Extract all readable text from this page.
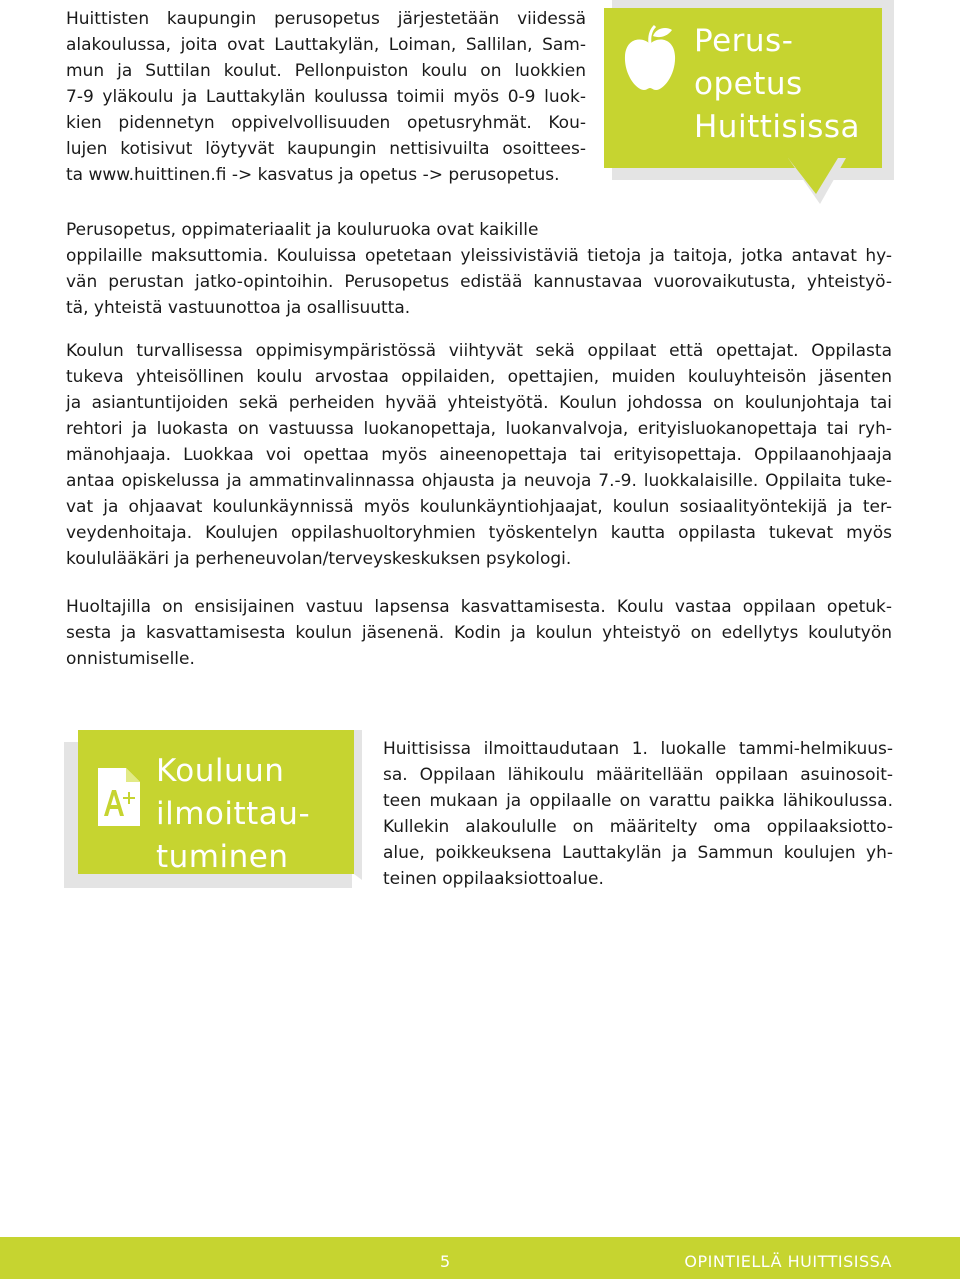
Huittisten kaupungin perusopetus järjestetään viidessä
alakoulussa, joita ovat Lauttakylän, Loiman, Sallilan, Sam-
mun ja Suttilan koulut. Pellonpuiston koulu on luokkien
7-9 yläkoulu ja Lauttakylän koulussa toimii myös 0-9 luok-
kien pidennetyn oppivelvollisuuden opetusryhmät. Kou-
lujen kotisivut löytyvät kaupungin nettisivuilta osoittees-
ta www.huittinen.fi -> kasvatus ja opetus -> perusopetus.
Perus-
opetus
Huittisissa
Perusopetus, oppimateriaalit ja kouluruoka ovat kaikille
oppilaille maksuttomia. Kouluissa opetetaan yleissivistäviä tietoja ja taitoja, jotka antavat hy-
vän perustan jatko-opintoihin. Perusopetus edistää kannustavaa vuorovaikutusta, yhteistyö-
tä, yhteistä vastuunottoa ja osallisuutta.
Koulun turvallisessa oppimisympäristössä viihtyvät sekä oppilaat että opettajat. Oppilasta
tukeva yhteisöllinen koulu arvostaa oppilaiden, opettajien, muiden kouluyhteisön jäsenten
ja asiantuntijoiden sekä perheiden hyvää yhteistyötä. Koulun johdossa on koulunjohtaja tai
rehtori ja luokasta on vastuussa luokanopettaja, luokanvalvoja, erityisluokanopettaja tai ryh-
mänohjaaja. Luokkaa voi opettaa myös aineenopettaja tai erityisopettaja. Oppilaanohjaaja
antaa opiskelussa ja ammatinvalinnassa ohjausta ja neuvoja 7.-9. luokkalaisille. Oppilaita tuke-
vat ja ohjaavat koulunkäynnissä myös koulunkäyntiohjaajat, koulun sosiaalityöntekijä ja ter-
veydenhoitaja. Koulujen oppilashuoltoryhmien työskentelyn kautta oppilasta tukevat myös
koululääkäri ja perheneuvolan/terveyskeskuksen psykologi.
Huoltajilla on ensisijainen vastuu lapsensa kasvattamisesta. Koulu vastaa oppilaan opetuk-
sesta ja kasvattamisesta koulun jäsenenä. Kodin ja koulun yhteistyö on edellytys koulutyön
onnistumiselle.
Kouluun
ilmoittau-
tuminen
Huittisissa ilmoittaudutaan 1. luokalle tammi-helmikuus-
sa. Oppilaan lähikoulu määritellään oppilaan asuinosoit-
teen mukaan ja oppilaalle on varattu paikka lähikoulussa.
Kullekin alakoululle on määritelty oma oppilaaksiotto-
alue, poikkeuksena Lauttakylän ja Sammun koulujen yh-
teinen oppilaaksiottoalue.
5	OPINTIELLÄ HUITTISISSA
